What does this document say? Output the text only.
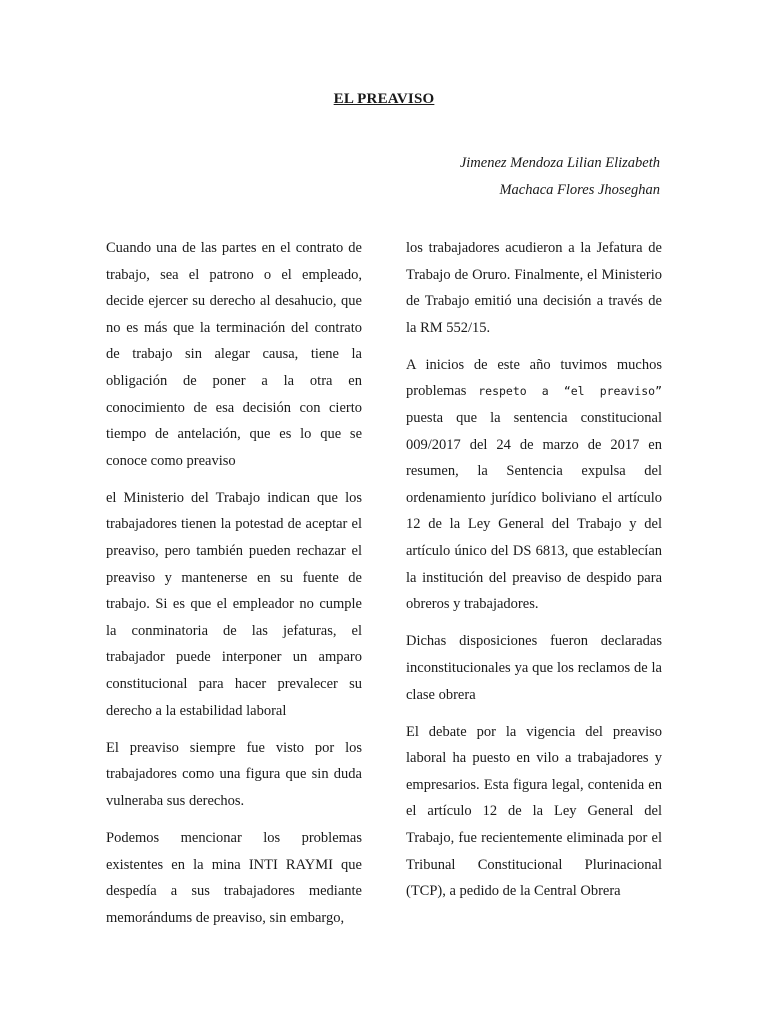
EL PREAVISO
Jimenez Mendoza Lilian Elizabeth
Machaca Flores Jhoseghan

Cuando una de las partes en el contrato de trabajo, sea el patrono o el empleado, decide ejercer su derecho al desahucio, que no es más que la terminación del contrato de trabajo sin alegar causa, tiene la obligación de poner a la otra en conocimiento de esa decisión con cierto tiempo de antelación, que es lo que se conoce como preaviso

el Ministerio del Trabajo indican que los trabajadores tienen la potestad de aceptar el preaviso, pero también pueden rechazar el preaviso y mantenerse en su fuente de trabajo. Si es que el empleador no cumple la conminatoria de las jefaturas, el trabajador puede interponer un amparo constitucional para hacer prevalecer su derecho a la estabilidad laboral

El preaviso siempre fue visto por los trabajadores como una figura que sin duda vulneraba sus derechos.

Podemos mencionar los problemas existentes en la mina INTI RAYMI que despedía a sus trabajadores mediante memorándums de preaviso, sin embargo,

los trabajadores acudieron a la Jefatura de Trabajo de Oruro. Finalmente, el Ministerio de Trabajo emitió una decisión a través de la RM 552/15.

A inicios de este año tuvimos muchos problemas respeto a “el preaviso” puesta que la sentencia constitucional 009/2017 del 24 de marzo de 2017 en resumen, la Sentencia expulsa del ordenamiento jurídico boliviano el artículo 12 de la Ley General del Trabajo y del artículo único del DS 6813, que establecían la institución del preaviso de despido para obreros y trabajadores.

Dichas disposiciones fueron declaradas inconstitucionales ya que los reclamos de la clase obrera

El debate por la vigencia del preaviso laboral ha puesto en vilo a trabajadores y empresarios. Esta figura legal, contenida en el artículo 12 de la Ley General del Trabajo, fue recientemente eliminada por el Tribunal Constitucional Plurinacional (TCP), a pedido de la Central Obrera
